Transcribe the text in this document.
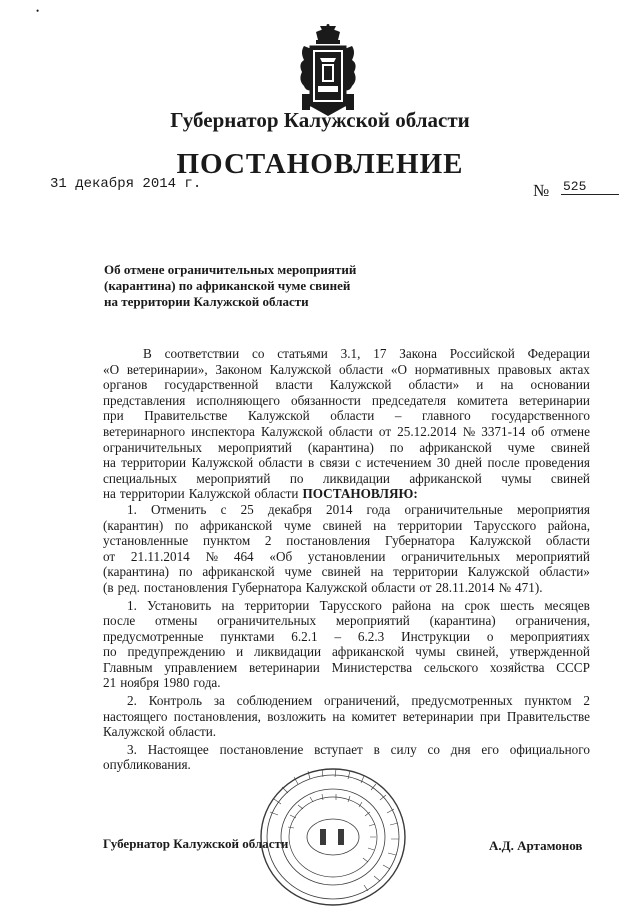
•
Губернатор Калужской области
ПОСТАНОВЛЕНИЕ
31 декабря 2014 г.	№ 525
Об отмене ограничительных мероприятий
(карантина) по африканской чуме свиней
на территории Калужской области
В соответствии со статьями 3.1, 17 Закона Российской Федерации
«О ветеринарии», Законом Калужской области «О нормативных правовых актах
органов государственной власти Калужской области» и на основании
представления исполняющего обязанности председателя комитета ветеринарии
при Правительстве Калужской области – главного государственного
ветеринарного инспектора Калужской области от 25.12.2014 № 3371-14 об отмене
ограничительных мероприятий (карантина) по африканской чуме свиней
на территории Калужской области в связи с истечением 30 дней после проведения
специальных мероприятий по ликвидации африканской чумы свиней
на территории Калужской области ПОСТАНОВЛЯЮ:
1. Отменить с 25 декабря 2014 года ограничительные мероприятия
(карантин) по африканской чуме свиней на территории Тарусского района,
установленные пунктом 2 постановления Губернатора Калужской области
от 21.11.2014 № 464 «Об установлении ограничительных мероприятий
(карантина) по африканской чуме свиней на территории Калужской области»
(в ред. постановления Губернатора Калужской области от 28.11.2014 № 471).
1. Установить на территории Тарусского района на срок шесть месяцев
после отмены ограничительных мероприятий (карантина) ограничения,
предусмотренные пунктами 6.2.1 – 6.2.3 Инструкции о мероприятиях
по предупреждению и ликвидации африканской чумы свиней, утвержденной
Главным управлением ветеринарии Министерства сельского хозяйства СССР
21 ноября 1980 года.
2. Контроль за соблюдением ограничений, предусмотренных пунктом 2
настоящего постановления, возложить на комитет ветеринарии при Правительстве
Калужской области.
3. Настоящее постановление вступает в силу со дня его официального
опубликования.
Губернатор Калужской области	А.Д. Артамонов
